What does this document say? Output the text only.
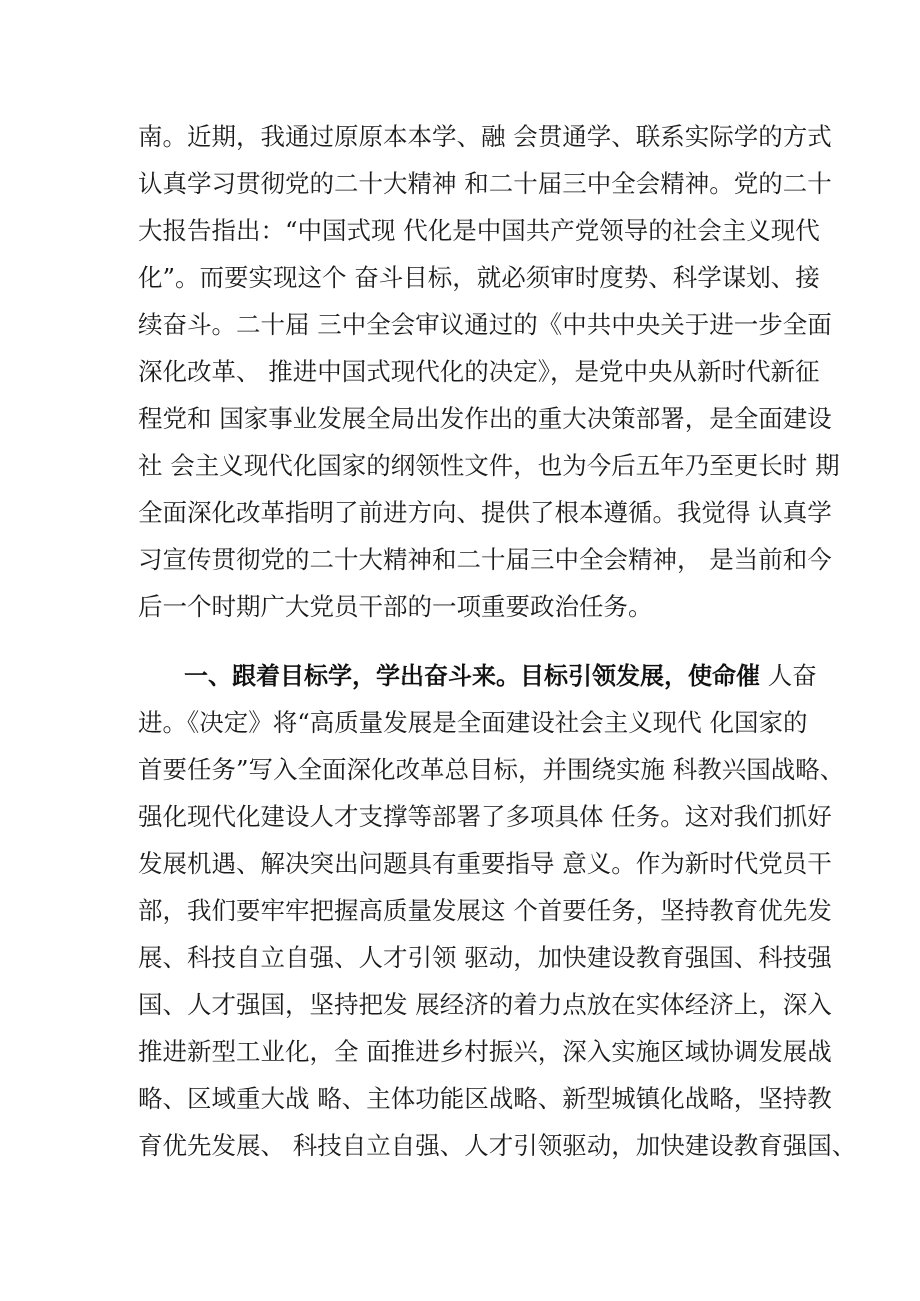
南。近期，我通过原原本本学、融 会贯通学、联系实际学的方式
认真学习贯彻党的二十大精神 和二十届三中全会精神。党的二十
大报告指出：“中国式现 代化是中国共产党领导的社会主义现代
化”。而要实现这个 奋斗目标，就必须审时度势、科学谋划、接
续奋斗。二十届 三中全会审议通过的《中共中央关于进一步全面
深化改革、 推进中国式现代化的决定》，是党中央从新时代新征
程党和 国家事业发展全局出发作出的重大决策部署，是全面建设
社 会主义现代化国家的纲领性文件，也为今后五年乃至更长时 期
全面深化改革指明了前进方向、提供了根本遵循。我觉得 认真学
习宣传贯彻党的二十大精神和二十届三中全会精神， 是当前和今
后一个时期广大党员干部的一项重要政治任务。
一、跟着目标学，学出奋斗来。目标引领发展，使命催 人奋
进。《决定》将“高质量发展是全面建设社会主义现代 化国家的
首要任务”写入全面深化改革总目标，并围绕实施 科教兴国战略、
强化现代化建设人才支撑等部署了多项具体 任务。这对我们抓好
发展机遇、解决突出问题具有重要指导 意义。作为新时代党员干
部，我们要牢牢把握高质量发展这 个首要任务，坚持教育优先发
展、科技自立自强、人才引领 驱动，加快建设教育强国、科技强
国、人才强国，坚持把发 展经济的着力点放在实体经济上，深入
推进新型工业化，全 面推进乡村振兴，深入实施区域协调发展战
略、区域重大战 略、主体功能区战略、新型城镇化战略，坚持教
育优先发展、 科技自立自强、人才引领驱动，加快建设教育强国、
